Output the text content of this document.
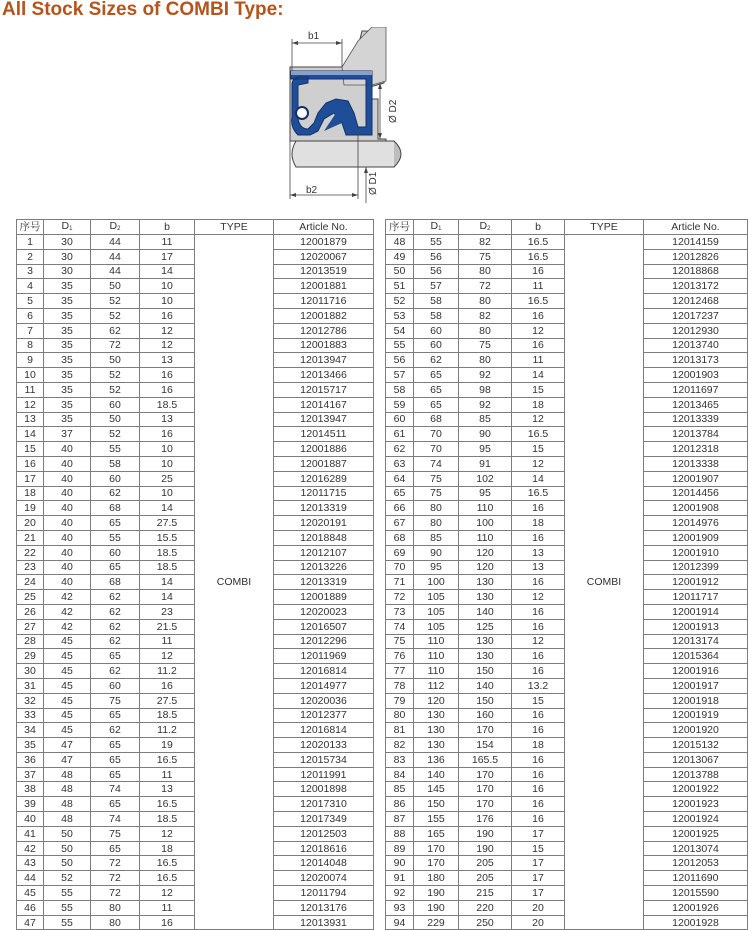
All Stock Sizes of COMBI Type:
b1
b2
Ø D2
Ø D1
序号	$D_1$	$D_2$	b	TYPE	Article No.
1	30	44	11	COMBI	12001879
2	30	44	17		12020067
3	30	44	14		12013519
4	35	50	10		12001881
5	35	52	10		12011716
6	35	52	16		12001882
7	35	62	12		12012786
8	35	72	12		12001883
9	35	50	13		12013947
10	35	52	16		12013466
11	35	52	16		12015717
12	35	60	18.5		12014167
13	35	50	13		12013947
14	37	52	16		12014511
15	40	55	10		12001886
16	40	58	10		12001887
17	40	60	25		12016289
18	40	62	10		12011715
19	40	68	14		12013319
20	40	65	27.5		12020191
21	40	55	15.5		12018848
22	40	60	18.5		12012107
23	40	65	18.5		12013226
24	40	68	14		12013319
25	42	62	14		12001889
26	42	62	23		12020023
27	42	62	21.5		12016507
28	45	62	11		12012296
29	45	65	12		12011969
30	45	62	11.2		12016814
31	45	60	16		12014977
32	45	75	27.5		12020036
33	45	65	18.5		12012377
34	45	62	11.2		12016814
35	47	65	19		12020133
36	47	65	16.5		12015734
37	48	65	11		12011991
38	48	74	13		12001898
39	48	65	16.5		12017310
40	48	74	18.5		12017349
41	50	75	12		12012503
42	50	65	18		12018616
43	50	72	16.5		12014048
44	52	72	16.5		12020074
45	55	72	12		12011794
46	55	80	11		12013176
47	55	80	16		12013931
序号	$D_1$	$D_2$	b	TYPE	Article No.
48	55	82	16.5	COMBI	12014159
49	56	75	16.5		12012826
50	56	80	16		12018868
51	57	72	11		12013172
52	58	80	16.5		12012468
53	58	82	16		12017237
54	60	80	12		12012930
55	60	75	16		12013740
56	62	80	11		12013173
57	65	92	14		12001903
58	65	98	15		12011697
59	65	92	18		12013465
60	68	85	12		12013339
61	70	90	16.5		12013784
62	70	95	15		12012318
63	74	91	12		12013338
64	75	102	14		12001907
65	75	95	16.5		12014456
66	80	110	16		12001908
67	80	100	18		12014976
68	85	110	16		12001909
69	90	120	13		12001910
70	95	120	13		12012399
71	100	130	16		12001912
72	105	130	12		12011717
73	105	140	16		12001914
74	105	125	16		12001913
75	110	130	12		12013174
76	110	130	16		12015364
77	110	150	16		12001916
78	112	140	13.2		12001917
79	120	150	15		12001918
80	130	160	16		12001919
81	130	170	16		12001920
82	130	154	18		12015132
83	136	165.5	16		12013067
84	140	170	16		12013788
85	145	170	16		12001922
86	150	170	16		12001923
87	155	176	16		12001924
88	165	190	17		12001925
89	170	190	15		12013074
90	170	205	17		12012053
91	180	205	17		12011690
92	190	215	17		12015590
93	190	220	20		12001926
94	229	250	20		12001928
